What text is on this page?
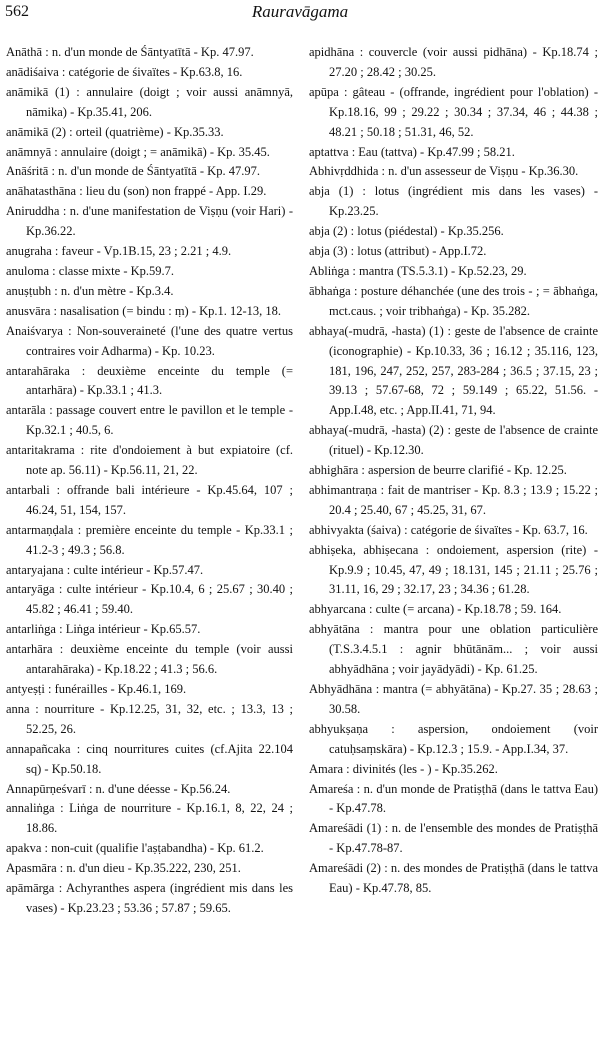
562	Rauravāgama

Anāthā : n. d'un monde de Śāntyatītā - Kp. 47.97.

anādiśaiva : catégorie de śivaïtes - Kp.63.8, 16.

anāmikā (1) : annulaire (doigt ; voir aussi anāmnyā, nāmika) - Kp.35.41, 206.

anāmikā (2) : orteil (quatrième) - Kp.35.33.

anāmnyā : annulaire (doigt ; = anāmikā) - Kp. 35.45.

Anāśritā : n. d'un monde de Śāntyatītā - Kp. 47.97.

anāhatasthāna : lieu du (son) non frappé - App. I.29.

Aniruddha : n. d'une manifestation de Viṣṇu (voir Hari) - Kp.36.22.

anugraha : faveur - Vp.1B.15, 23 ; 2.21 ; 4.9.

anuloma : classe mixte - Kp.59.7.

anuṣṭubh : n. d'un mètre - Kp.3.4.

anusvāra : nasalisation (= bindu : ṃ) - Kp.1. 12-13, 18.

Anaiśvarya : Non-souveraineté (l'une des quatre vertus contraires voir Adharma) - Kp. 10.23.

antarahāraka : deuxième enceinte du temple (= antarhāra) - Kp.33.1 ; 41.3.

antarāla : passage couvert entre le pavillon et le temple - Kp.32.1 ; 40.5, 6.

antaritakrama : rite d'ondoiement à but expiatoire (cf. note ap. 56.11) - Kp.56.11, 21, 22.

antarbali : offrande bali intérieure - Kp.45.64, 107 ; 46.24, 51, 154, 157.

antarmaṇḍala : première enceinte du temple - Kp.33.1 ; 41.2-3 ; 49.3 ; 56.8.

antaryajana : culte intérieur - Kp.57.47.

antaryāga : culte intérieur - Kp.10.4, 6 ; 25.67 ; 30.40 ; 45.82 ; 46.41 ; 59.40.

antarliṅga : Liṅga intérieur - Kp.65.57.

antarhāra : deuxième enceinte du temple (voir aussi antarahāraka) - Kp.18.22 ; 41.3 ; 56.6.

antyeṣṭi : funérailles - Kp.46.1, 169.

anna : nourriture - Kp.12.25, 31, 32, etc. ; 13.3, 13 ; 52.25, 26.

annapañcaka : cinq nourritures cuites (cf.Ajita 22.104 sq) - Kp.50.18.

Annapūrṇeśvarī : n. d'une déesse - Kp.56.24.

annaliṅga : Liṅga de nourriture - Kp.16.1, 8, 22, 24 ; 18.86.

apakva : non-cuit (qualifie l'aṣṭabandha) - Kp. 61.2.

Apasmāra : n. d'un dieu - Kp.35.222, 230, 251.

apāmārga : Achyranthes aspera (ingrédient mis dans les vases) - Kp.23.23 ; 53.36 ; 57.87 ; 59.65.

apidhāna : couvercle (voir aussi pidhāna) - Kp.18.74 ; 27.20 ; 28.42 ; 30.25.

apūpa : gâteau - (offrande, ingrédient pour l'oblation) - Kp.18.16, 99 ; 29.22 ; 30.34 ; 37.34, 46 ; 44.38 ; 48.21 ; 50.18 ; 51.31, 46, 52.

aptattva : Eau (tattva) - Kp.47.99 ; 58.21.

Abhivṛddhida : n. d'un assesseur de Viṣṇu - Kp.36.30.

abja (1) : lotus (ingrédient mis dans les vases) - Kp.23.25.

abja (2) : lotus (piédestal) - Kp.35.256.

abja (3) : lotus (attribut) - App.I.72.

Abliṅga : mantra (TS.5.3.1) - Kp.52.23, 29.

ābhaṅga : posture déhanchée (une des trois - ; = ābhaṅga, mct.caus. ; voir tribhaṅga) - Kp. 35.282.

abhaya(-mudrā, -hasta) (1) : geste de l'absence de crainte (iconographie) - Kp.10.33, 36 ; 16.12 ; 35.116, 123, 181, 196, 247, 252, 257, 283-284 ; 36.5 ; 37.15, 23 ; 39.13 ; 57.67-68, 72 ; 59.149 ; 65.22, 51.56. - App.I.48, etc. ; App.II.41, 71, 94.

abhaya(-mudrā, -hasta) (2) : geste de l'absence de crainte (rituel) - Kp.12.30.

abhighāra : aspersion de beurre clarifié - Kp. 12.25.

abhimantraṇa : fait de mantriser - Kp. 8.3 ; 13.9 ; 15.22 ; 20.4 ; 25.40, 67 ; 45.25, 31, 67.

abhivyakta (śaiva) : catégorie de śivaïtes - Kp. 63.7, 16.

abhiṣeka, abhiṣecana : ondoiement, aspersion (rite) - Kp.9.9 ; 10.45, 47, 49 ; 18.131, 145 ; 21.11 ; 25.76 ; 31.11, 16, 29 ; 32.17, 23 ; 34.36 ; 61.28.

abhyarcana : culte (= arcana) - Kp.18.78 ; 59. 164.

abhyātāna : mantra pour une oblation particulière (T.S.3.4.5.1 : agnir bhūtānām... ; voir aussi abhyādhāna ; voir jayādyādi) - Kp. 61.25.

Abhyādhāna : mantra (= abhyātāna) - Kp.27. 35 ; 28.63 ; 30.58.

abhyukṣaṇa : aspersion, ondoiement (voir catuḥsaṃskāra) - Kp.12.3 ; 15.9. - App.I.34, 37.

Amara : divinités (les - ) - Kp.35.262.

Amareśa : n. d'un monde de Pratiṣṭhā (dans le tattva Eau) - Kp.47.78.

Amareśādi (1) : n. de l'ensemble des mondes de Pratiṣṭhā - Kp.47.78-87.

Amareśādi (2) : n. des mondes de Pratiṣṭhā (dans le tattva Eau) - Kp.47.78, 85.
